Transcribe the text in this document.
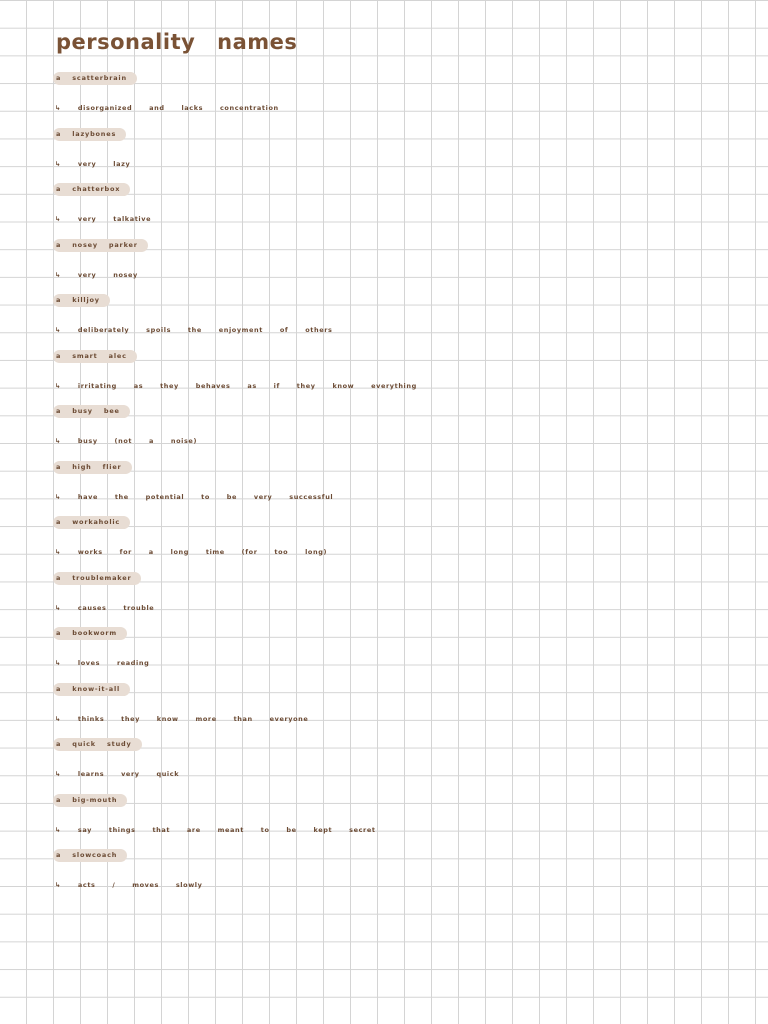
personality names
a scatterbrain
↳ disorganized and lacks concentration
a lazybones
↳ very lazy
a chatterbox
↳ very talkative
a nosey parker
↳ very nosey
a killjoy
↳ deliberately spoils the enjoyment of others
a smart alec
↳ irritating as they behaves as if they know everything
a busy bee
↳ busy (not a noise)
a high flier
↳ have the potential to be very successful
a workaholic
↳ works for a long time (for too long)
a troublemaker
↳ causes trouble
a bookworm
↳ loves reading
a know-it-all
↳ thinks they know more than everyone
a quick study
↳ learns very quick
a big-mouth
↳ say things that are meant to be kept secret
a slowcoach
↳ acts / moves slowly
